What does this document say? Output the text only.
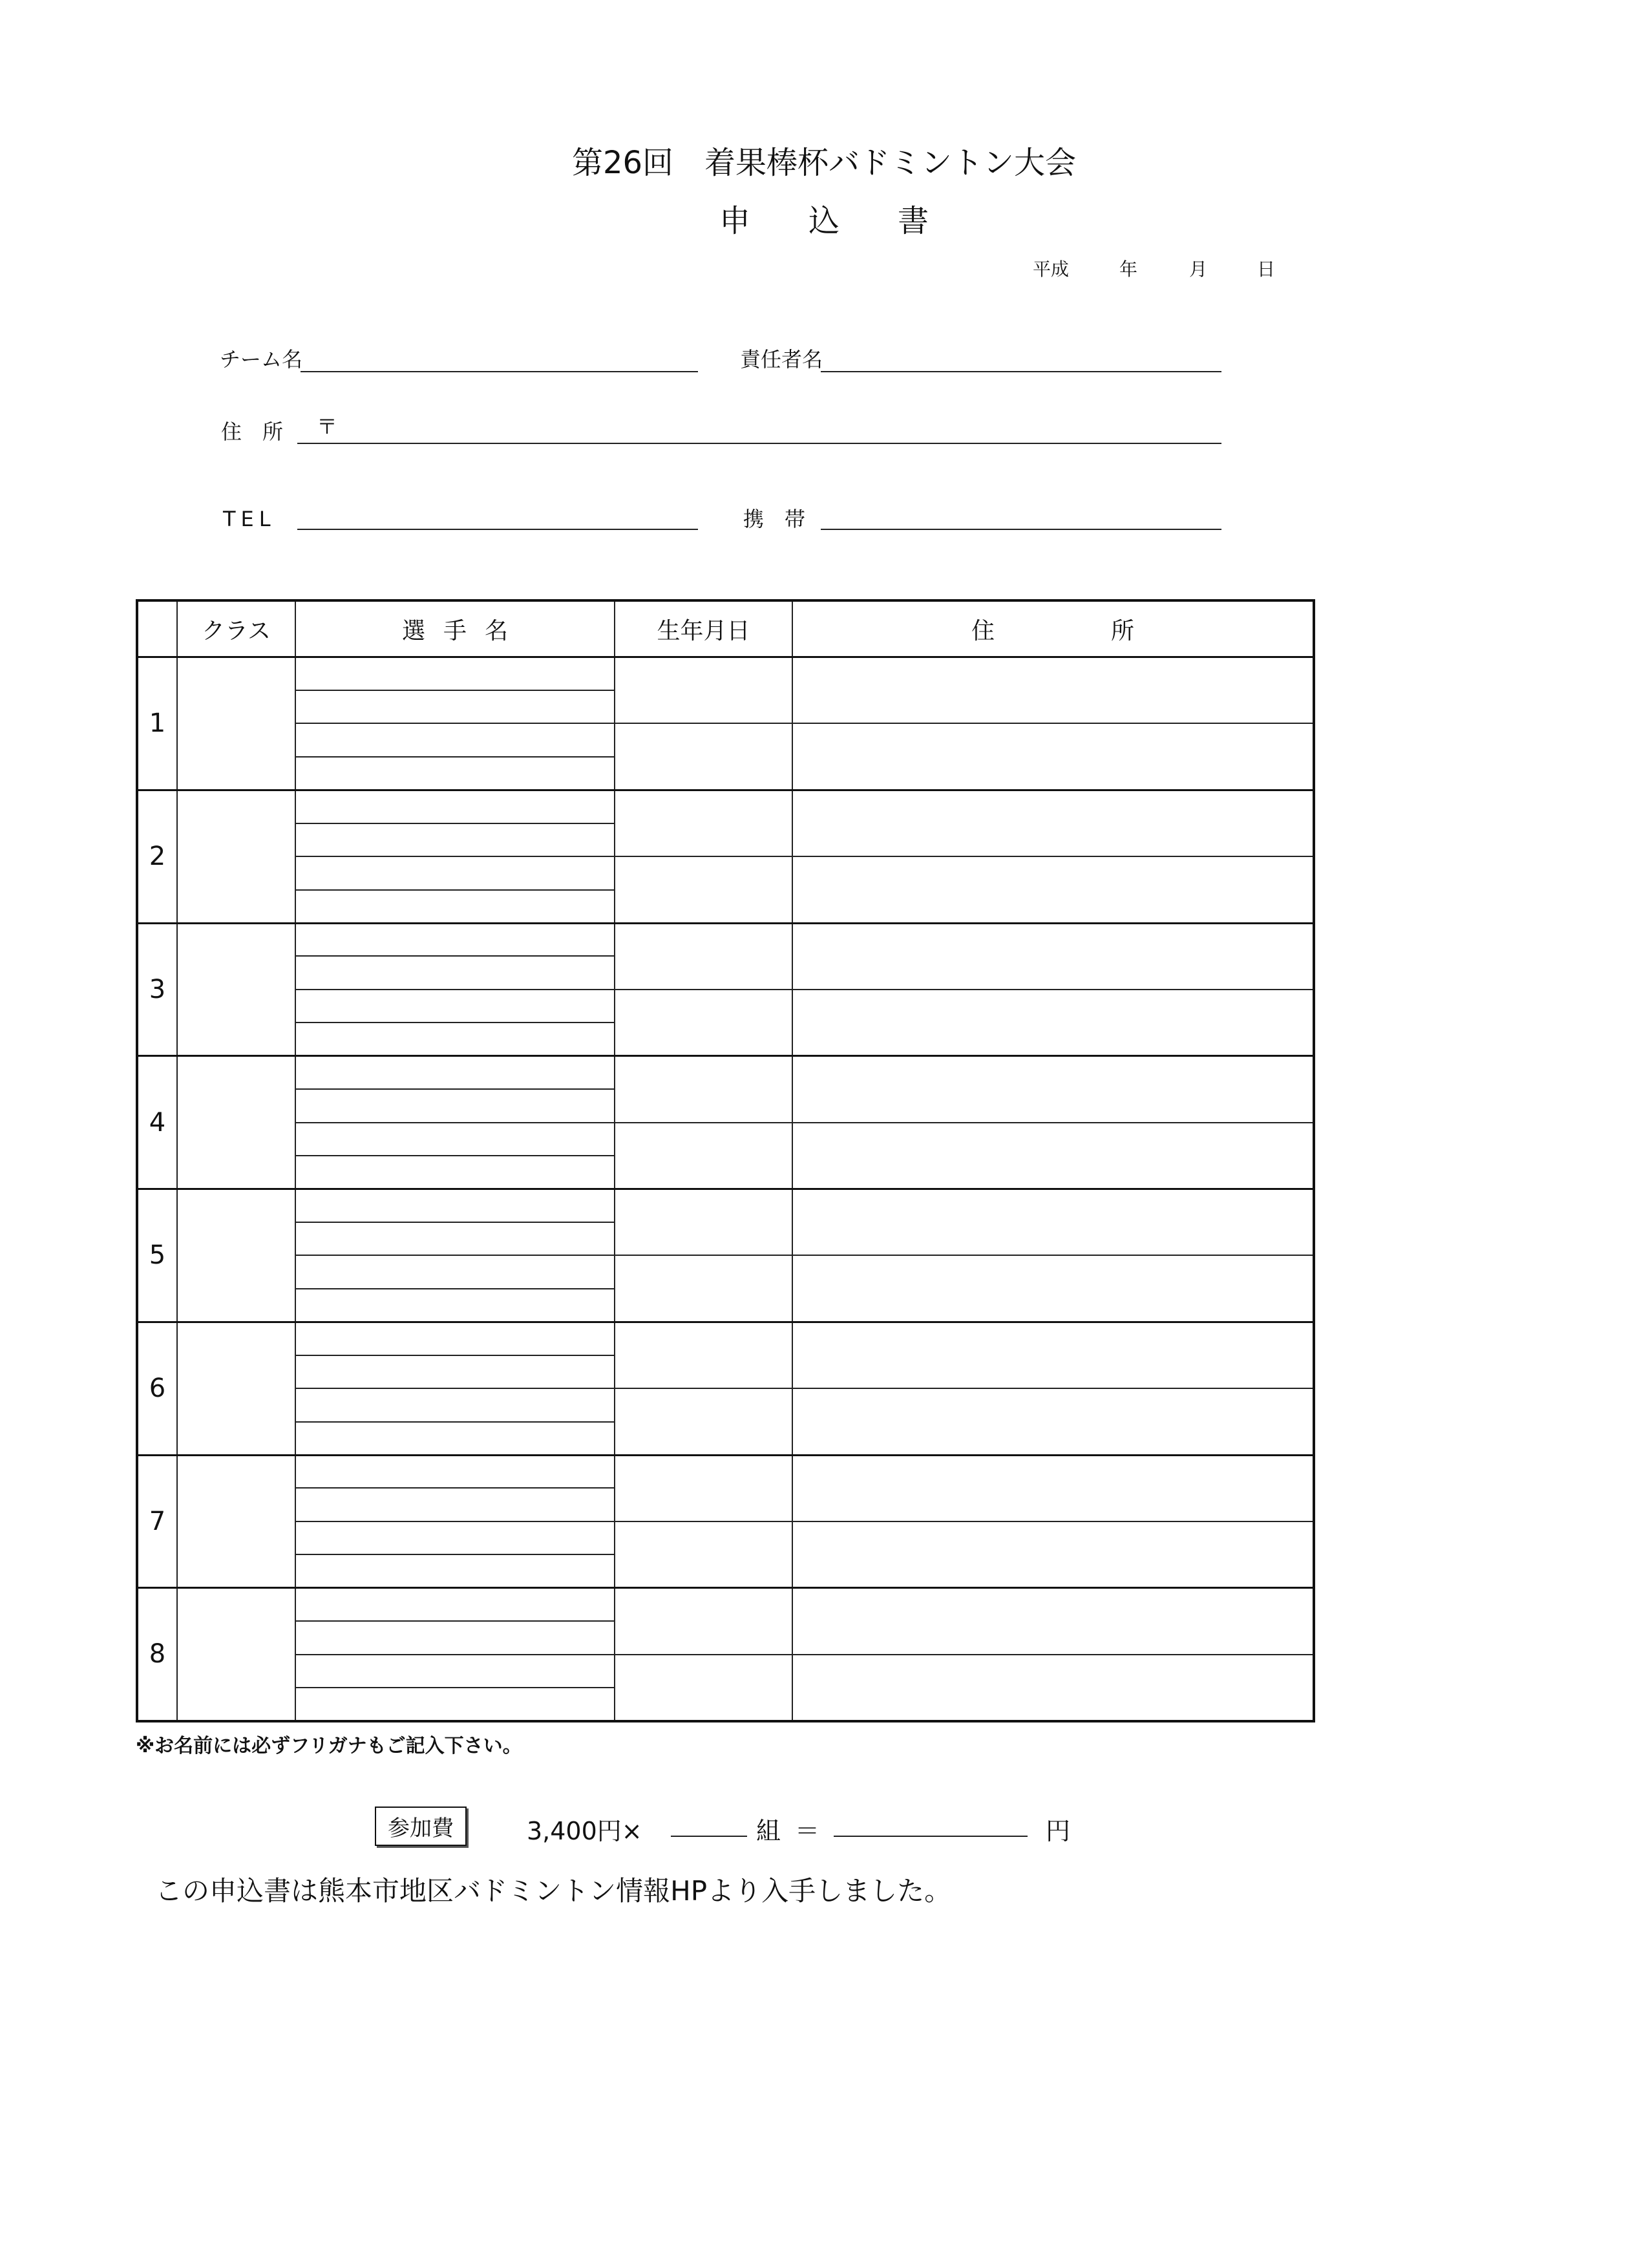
第26回　着果棒杯バドミントン大会
申込書
平成	年	月	日
チーム名	責任者名
住　所 〒
TEL	携　帯
	クラス	選手名	生年月日	住所
1				

2				

3				

4				

5				

6				

7				

8				

※お名前には必ずフリガナもご記入下さい。
参加費	3,400円×	組 ＝	円
この申込書は熊本市地区バドミントン情報HPより入手しました。
